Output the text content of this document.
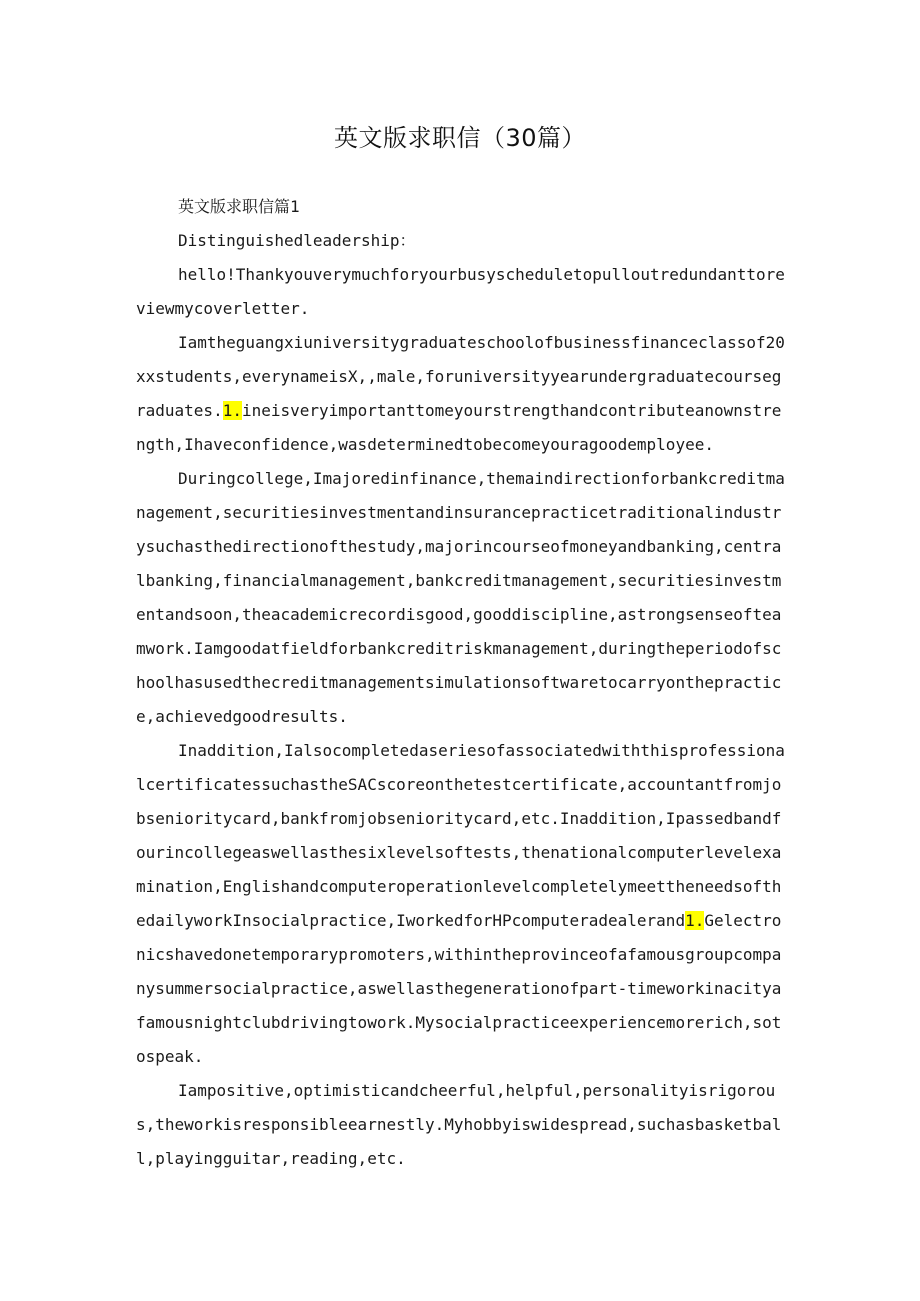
英文版求职信（30篇）

英文版求职信篇1

Distinguishedleadership：

hello!Thankyouverymuchforyourbusyscheduletopulloutredundanttoreviewmycoverletter.

Iamtheguangxiuniversitygraduateschoolofbusinessfinanceclassof20xxstudents,everynameisX,,male,foruniversityyearundergraduatecoursegraduates.1.ineisveryimportanttomeyourstrengthandcontributeanownstrength,Ihaveconfidence,wasdeterminedtobecomeyouragoodemployee.

Duringcollege,Imajoredinfinance,themaindirectionforbankcreditmanagement,securitiesinvestmentandinsurancepracticetraditionalindustrysuchasthedirectionofthestudy,majorincourseofmoneyandbanking,centralbanking,financialmanagement,bankcreditmanagement,securitiesinvestmentandsoon,theacademicrecordisgood,gooddiscipline,astrongsenseofteamwork.Iamgoodatfieldforbankcreditriskmanagement,duringtheperiodofschoolhasusedthecreditmanagementsimulationsoftwaretocarryonthepractice,achievedgoodresults.

Inaddition,IalsocompletedaseriesofassociatedwiththisprofessionalcertificatessuchastheSACscoreonthetestcertificate,accountantfromjobsenioritycard,bankfromjobsenioritycard,etc.Inaddition,Ipassedbandfourincollegeaswellasthesixlevelsoftests,thenationalcomputerlevelexamination,EnglishandcomputeroperationlevelcompletelymeettheneedsofthedailyworkInsocialpractice,IworkedforHPcomputeradealerand1.Gelectronicshavedonetemporarypromoters,withintheprovinceofafamousgroupcompanysummersocialpractice,aswellasthegenerationofpart-timeworkinacityafamousnightclubdrivingtowork.Mysocialpracticeexperiencemorerich,sotospeak.

Iampositive,optimisticandcheerful,helpful,personalityisrigorous,theworkisresponsibleearnestly.Myhobbyiswidespread,suchasbasketball,playingguitar,reading,etc.
